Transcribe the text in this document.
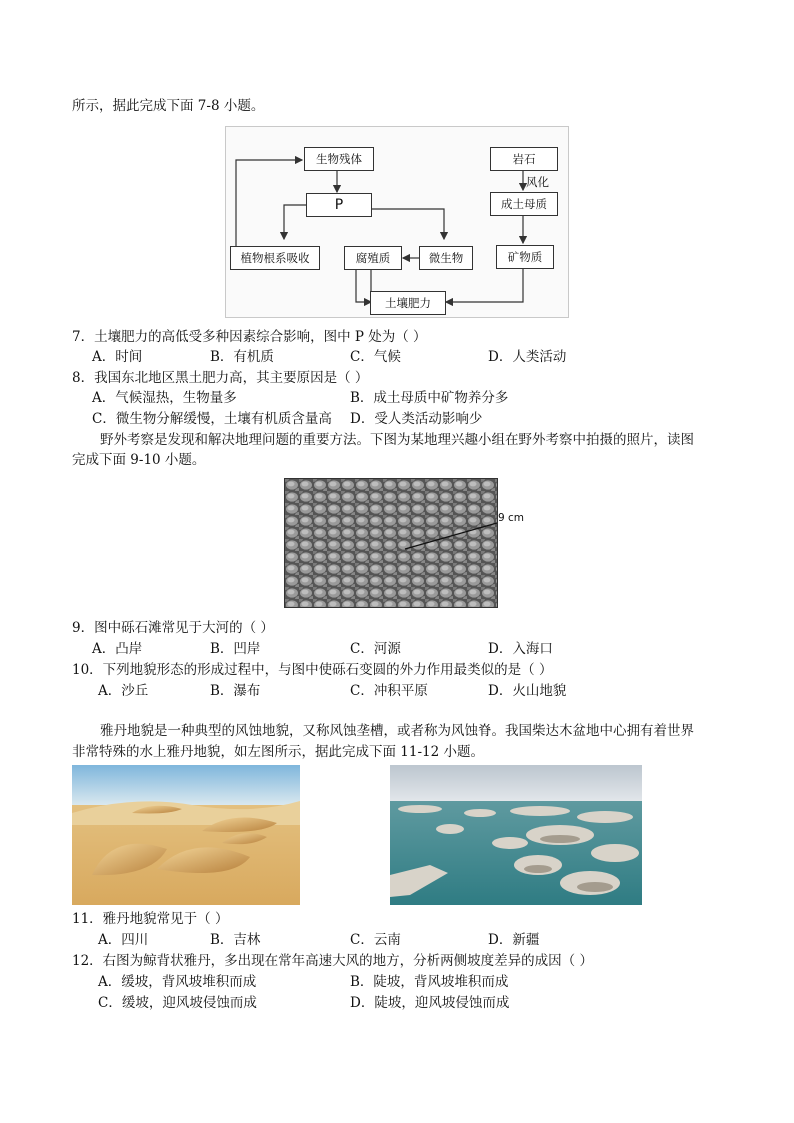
所示，据此完成下面 7-8 小题。
生物残体
P
植物根系吸收	腐殖质	微生物
岩石
风化
成土母质
矿物质
土壤肥力
7．土壤肥力的高低受多种因素综合影响，图中 P 处为（ ）
A．时间	B．有机质	C．气候	D．人类活动
8．我国东北地区黑土肥力高，其主要原因是（ ）
A．气候湿热，生物量多	B．成土母质中矿物养分多
C．微生物分解缓慢，土壤有机质含量高 D．受人类活动影响少
野外考察是发现和解决地理问题的重要方法。下图为某地理兴趣小组在野外考察中拍摄的照片，读图
完成下面 9-10 小题。
9 cm
9．图中砾石滩常见于大河的（ ）
A．凸岸	B．凹岸	C．河源	D．入海口
10．下列地貌形态的形成过程中，与图中使砾石变圆的外力作用最类似的是（ ）
A．沙丘	B．瀑布	C．冲积平原	D．火山地貌
雅丹地貌是一种典型的风蚀地貌，又称风蚀垄槽，或者称为风蚀脊。我国柴达木盆地中心拥有着世界
非常特殊的水上雅丹地貌，如左图所示，据此完成下面 11-12 小题。
11．雅丹地貌常见于（ ）
A．四川	B．吉林	C．云南	D．新疆
12．右图为鲸背状雅丹，多出现在常年高速大风的地方，分析两侧坡度差异的成因（ ）
A．缓坡，背风坡堆积而成	B．陡坡，背风坡堆积而成
C．缓坡，迎风坡侵蚀而成	D．陡坡，迎风坡侵蚀而成
